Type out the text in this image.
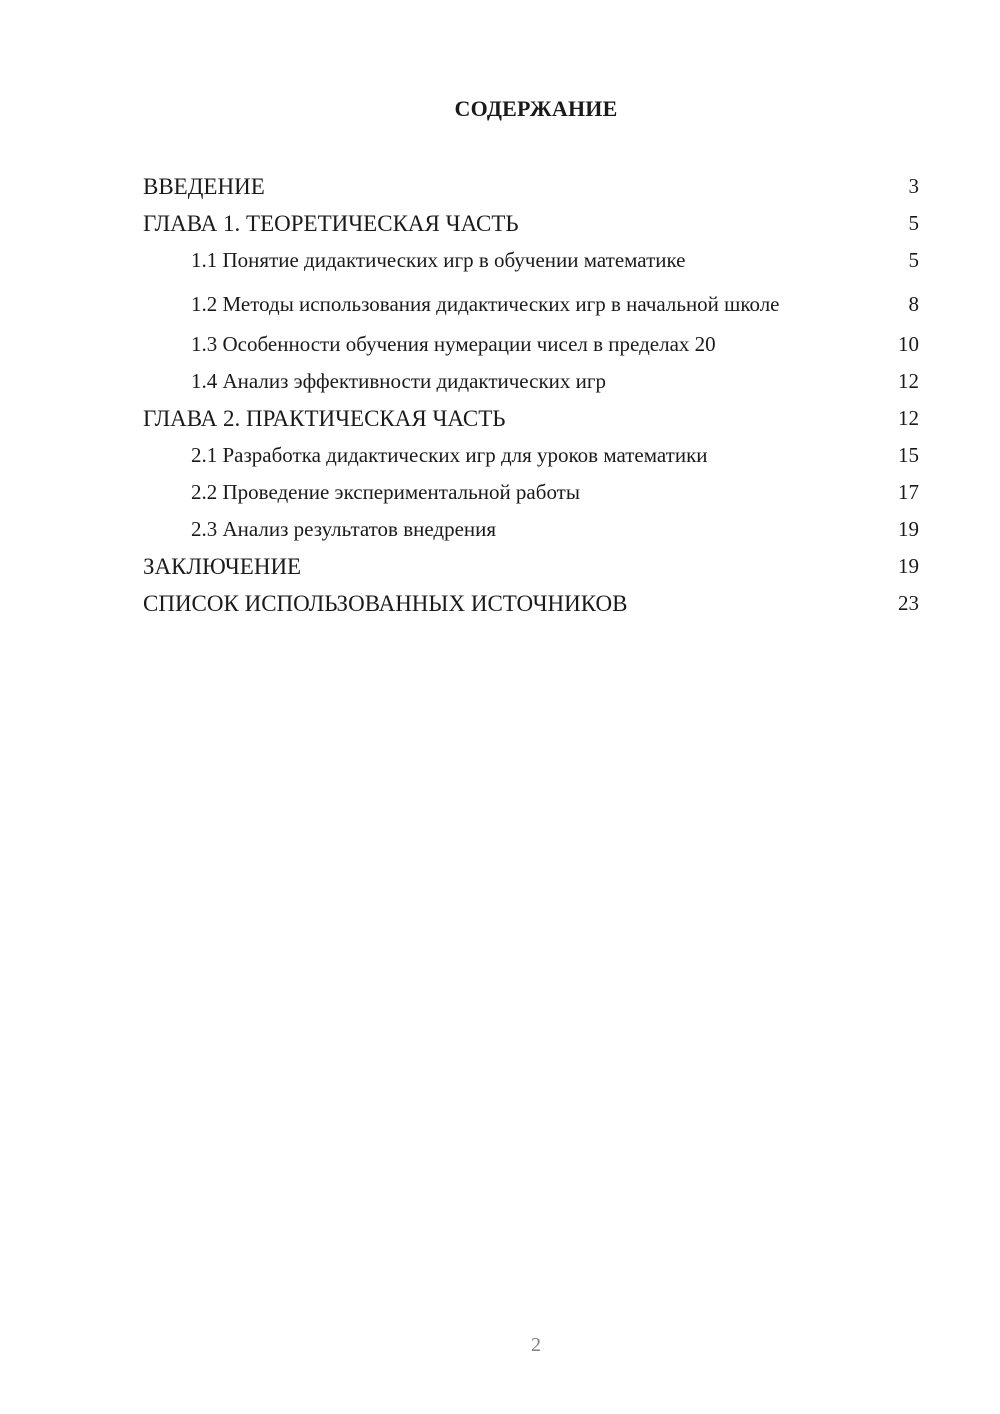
СОДЕРЖАНИЕ
ВВЕДЕНИЕ	3
ГЛАВА 1. ТЕОРЕТИЧЕСКАЯ ЧАСТЬ	5
1.1 Понятие дидактических игр в обучении математике	5
1.2 Методы использования дидактических игр в начальной школе	8
1.3 Особенности обучения нумерации чисел в пределах 20	10
1.4 Анализ эффективности дидактических игр	12
ГЛАВА 2. ПРАКТИЧЕСКАЯ ЧАСТЬ	12
2.1 Разработка дидактических игр для уроков математики	15
2.2 Проведение экспериментальной работы	17
2.3 Анализ результатов внедрения	19
ЗАКЛЮЧЕНИЕ	19
СПИСОК ИСПОЛЬЗОВАННЫХ ИСТОЧНИКОВ	23
2
